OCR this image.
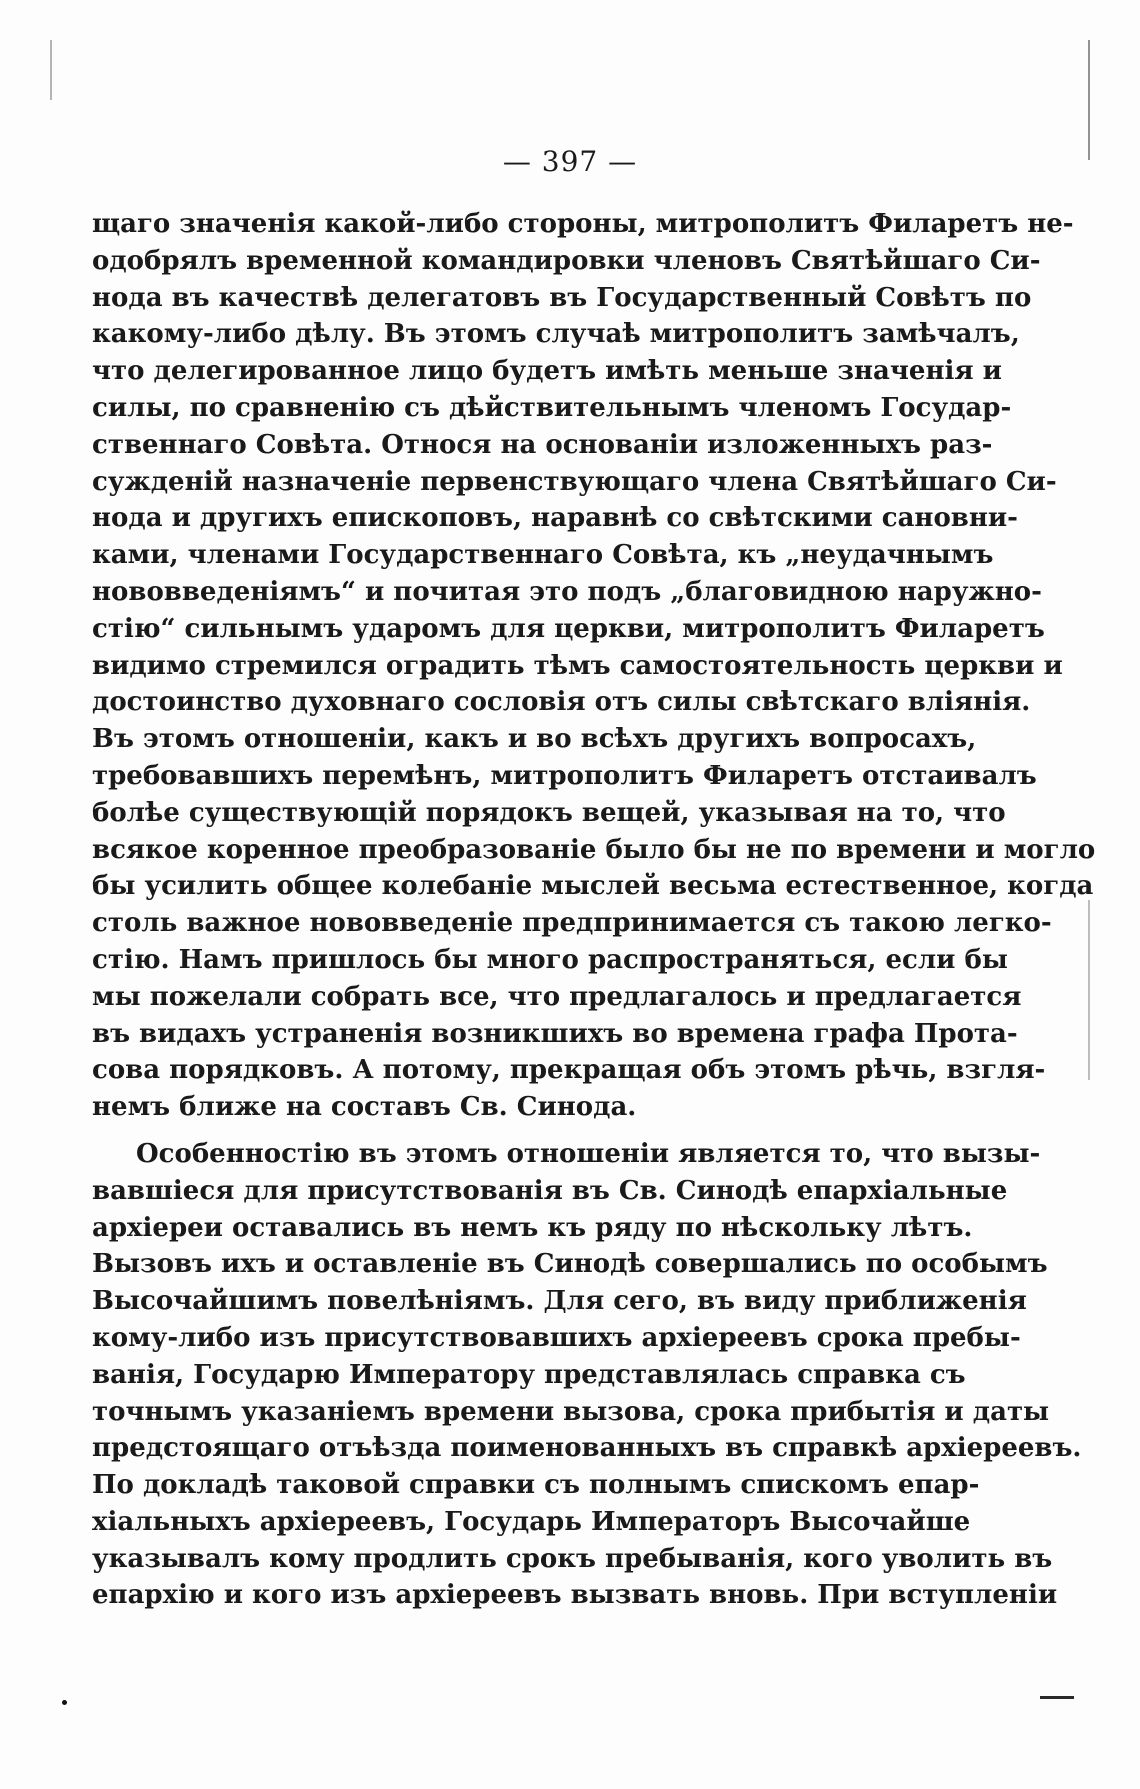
— 397 —
щаго значенія какой-либо стороны, митрополитъ Филаретъ не-
одобрялъ временной командировки членовъ Святѣйшаго Си-
нода въ качествѣ делегатовъ въ Государственный Совѣтъ по
какому-либо дѣлу. Въ этомъ случаѣ митрополитъ замѣчалъ,
что делегированное лицо будетъ имѣть меньше значенія и
силы, по сравненію съ дѣйствительнымъ членомъ Государ-
ственнаго Совѣта. Относя на основаніи изложенныхъ раз-
сужденій назначеніе первенствующаго члена Святѣйшаго Си-
нода и другихъ епископовъ, наравнѣ со свѣтскими сановни-
ками, членами Государственнаго Совѣта, къ „неудачнымъ
нововведеніямъ“ и почитая это подъ „благовидною наружно-
стію“ сильнымъ ударомъ для церкви, митрополитъ Филаретъ
видимо стремился оградить тѣмъ самостоятельность церкви и
достоинство духовнаго сословія отъ силы свѣтскаго вліянія.
Въ этомъ отношеніи, какъ и во всѣхъ другихъ вопросахъ,
требовавшихъ перемѣнъ, митрополитъ Филаретъ отстаивалъ
болѣе существующій порядокъ вещей, указывая на то, что
всякое коренное преобразованіе было бы не по времени и могло
бы усилить общее колебаніе мыслей весьма естественное, когда
столь важное нововведеніе предпринимается съ такою легко-
стію. Намъ пришлось бы много распространяться, если бы
мы пожелали собрать все, что предлагалось и предлагается
въ видахъ устраненія возникшихъ во времена графа Прота-
сова порядковъ. А потому, прекращая объ этомъ рѣчь, взгля-
немъ ближе на составъ Св. Синода.
Особенностію въ этомъ отношеніи является то, что вызы-
вавшіеся для присутствованія въ Св. Синодѣ епархіальные
архіереи оставались въ немъ къ ряду по нѣскольку лѣтъ.
Вызовъ ихъ и оставленіе въ Синодѣ совершались по особымъ
Высочайшимъ повелѣніямъ. Для сего, въ виду приближенія
кому-либо изъ присутствовавшихъ архіереевъ срока пребы-
ванія, Государю Императору представлялась справка съ
точнымъ указаніемъ времени вызова, срока прибытія и даты
предстоящаго отъѣзда поименованныхъ въ справкѣ архіереевъ.
По докладѣ таковой справки съ полнымъ спискомъ епар-
хіальныхъ архіереевъ, Государь Императоръ Высочайше
указывалъ кому продлить срокъ пребыванія, кого уволить въ
епархію и кого изъ архіереевъ вызвать вновь. При вступленіи
